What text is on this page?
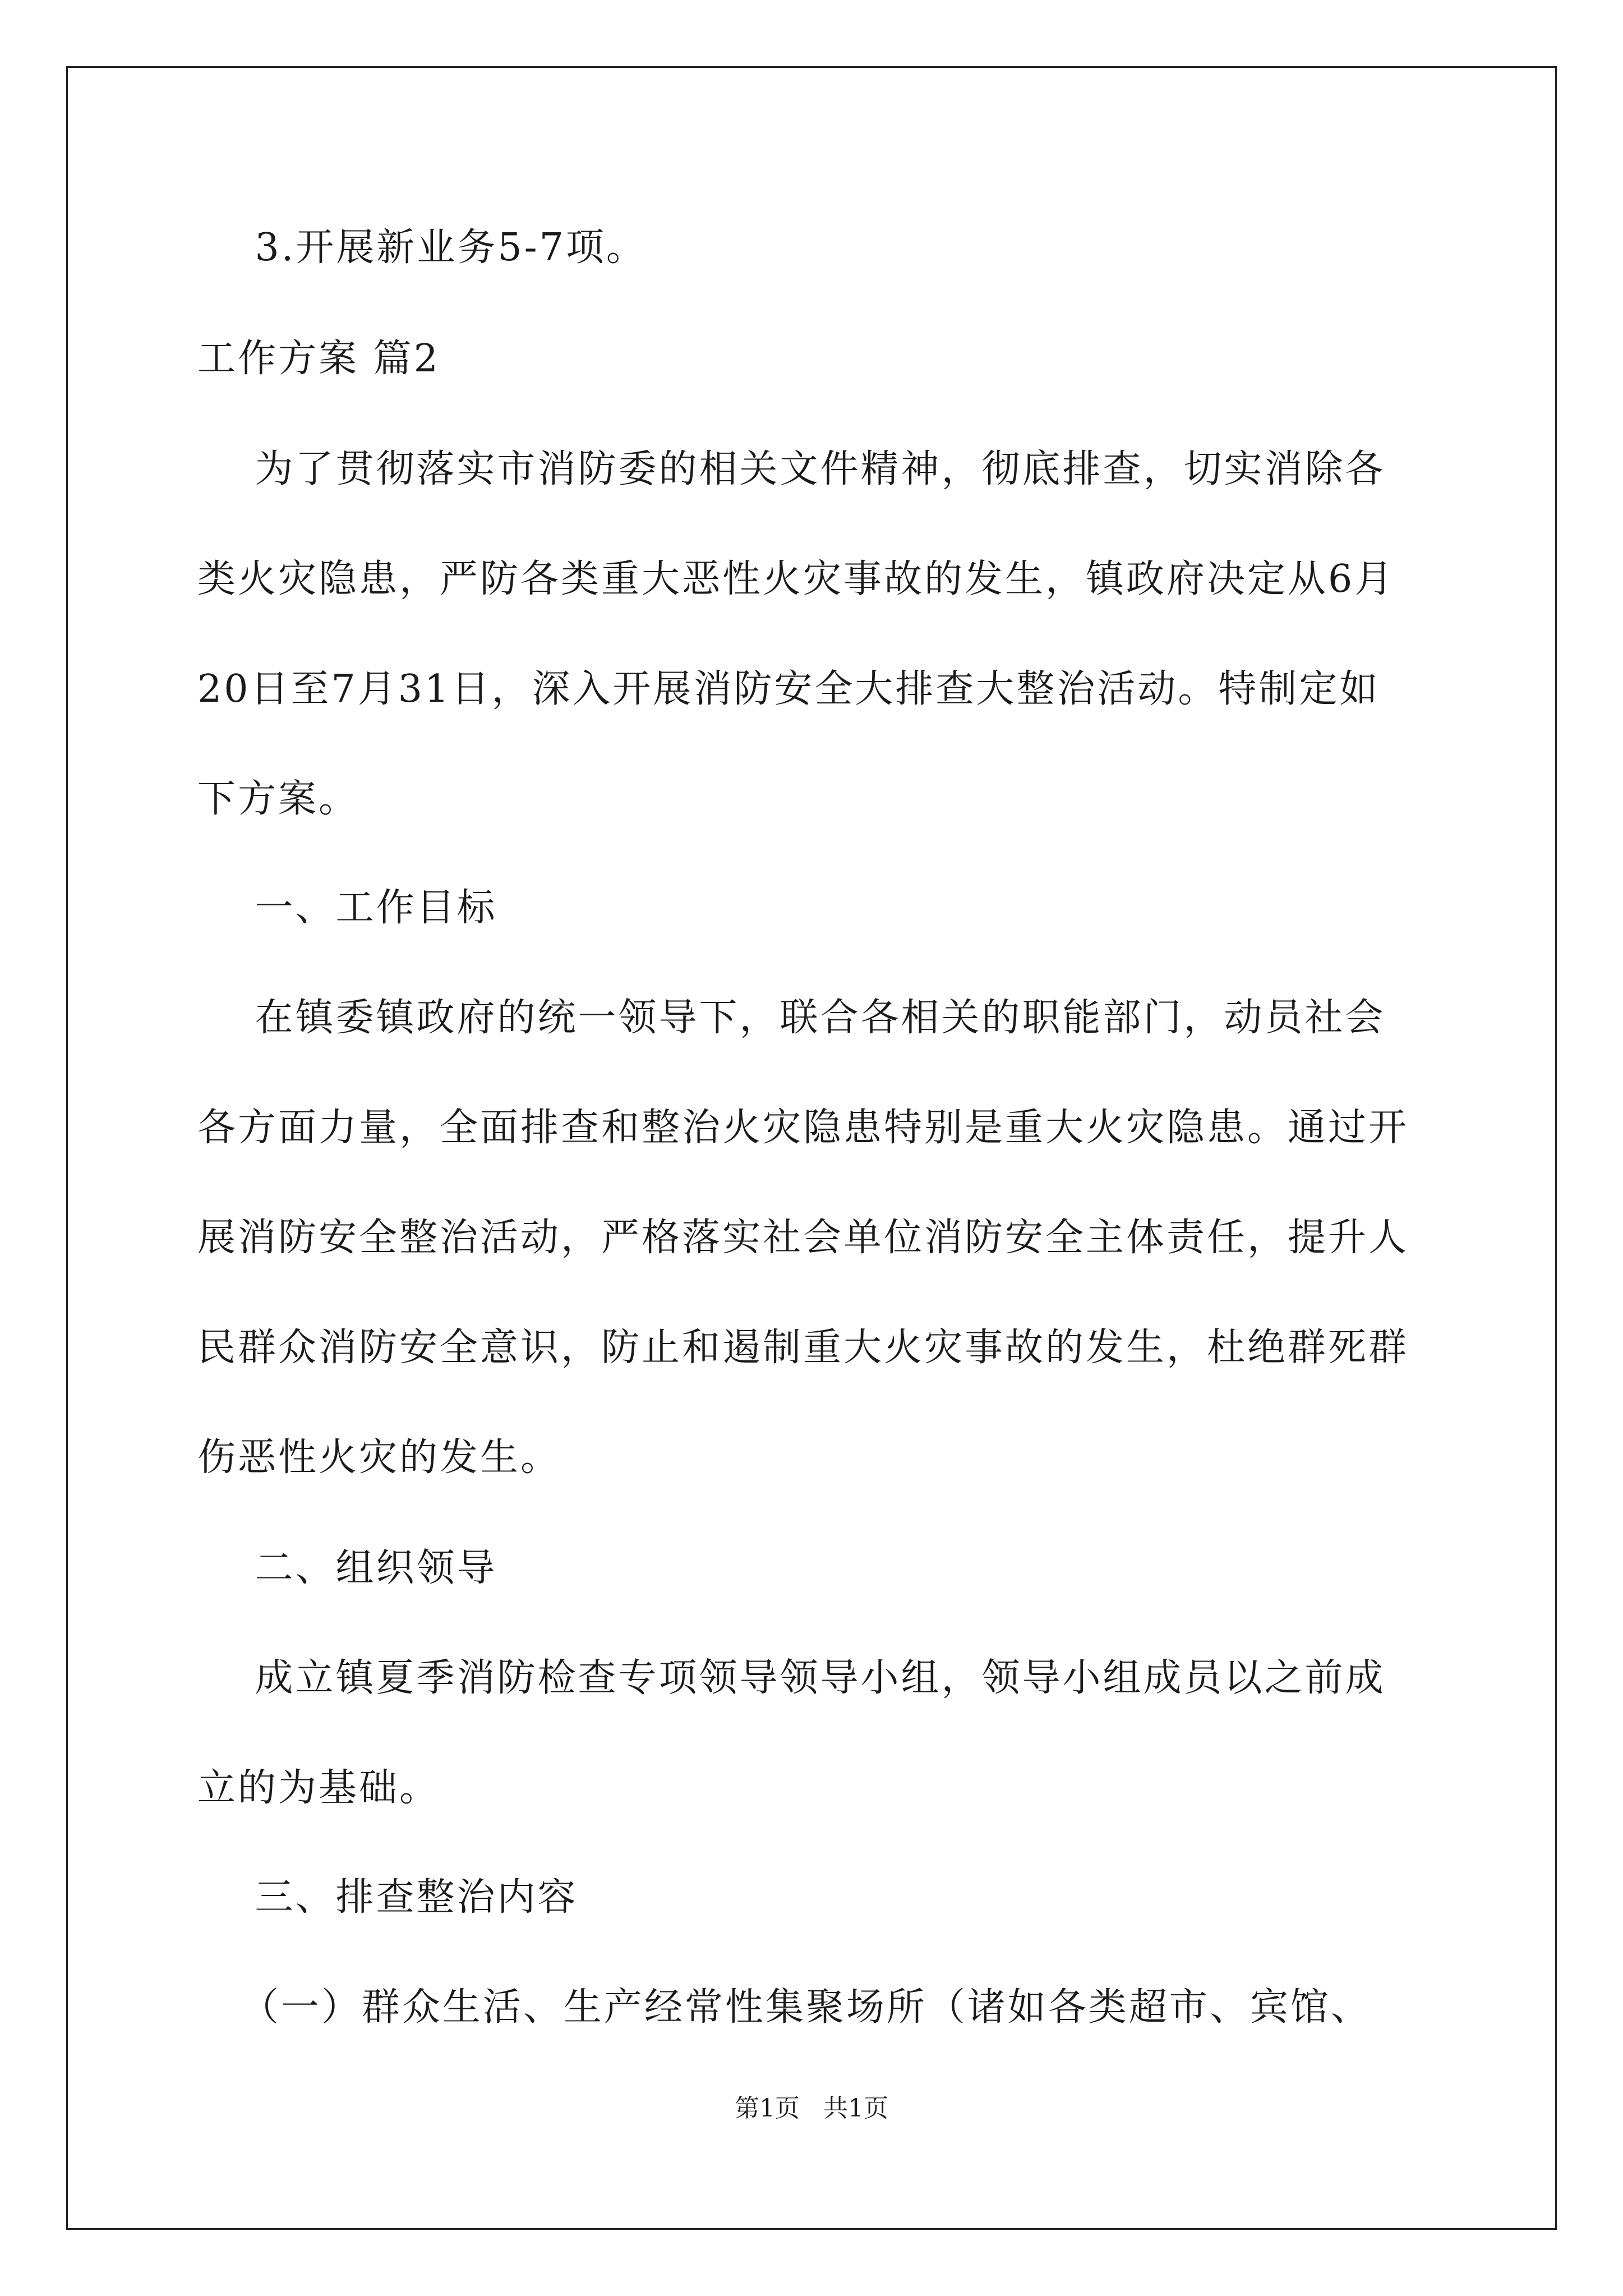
3.开展新业务5-7项。
工作方案 篇2
为了贯彻落实市消防委的相关文件精神，彻底排查，切实消除各
类火灾隐患，严防各类重大恶性火灾事故的发生，镇政府决定从6月
20日至7月31日，深入开展消防安全大排查大整治活动。特制定如
下方案。
一、工作目标
在镇委镇政府的统一领导下，联合各相关的职能部门，动员社会
各方面力量，全面排查和整治火灾隐患特别是重大火灾隐患。通过开
展消防安全整治活动，严格落实社会单位消防安全主体责任，提升人
民群众消防安全意识，防止和遏制重大火灾事故的发生，杜绝群死群
伤恶性火灾的发生。
二、组织领导
成立镇夏季消防检查专项领导领导小组，领导小组成员以之前成
立的为基础。
三、排查整治内容
（一）群众生活、生产经常性集聚场所（诸如各类超市、宾馆、
第1页 共1页
